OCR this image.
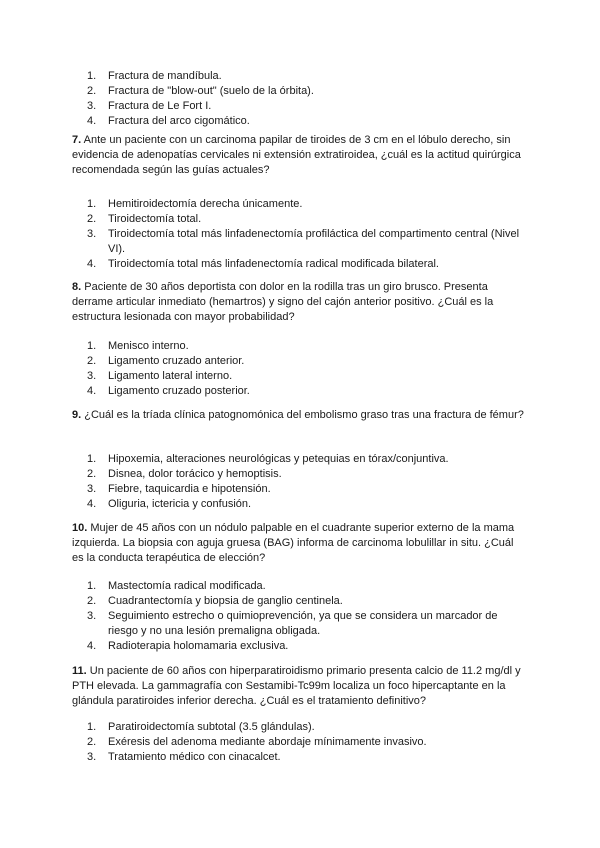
1. Fractura de mandíbula.
2. Fractura de "blow-out" (suelo de la órbita).
3. Fractura de Le Fort I.
4. Fractura del arco cigomático.

7. Ante un paciente con un carcinoma papilar de tiroides de 3 cm en el lóbulo derecho, sin evidencia de adenopatías cervicales ni extensión extratiroidea, ¿cuál es la actitud quirúrgica recomendada según las guías actuales?

1. Hemitiroidectomía derecha únicamente.
2. Tiroidectomía total.
3. Tiroidectomía total más linfadenectomía profiláctica del compartimento central (Nivel VI).
4. Tiroidectomía total más linfadenectomía radical modificada bilateral.

8. Paciente de 30 años deportista con dolor en la rodilla tras un giro brusco. Presenta derrame articular inmediato (hemartros) y signo del cajón anterior positivo. ¿Cuál es la estructura lesionada con mayor probabilidad?

1. Menisco interno.
2. Ligamento cruzado anterior.
3. Ligamento lateral interno.
4. Ligamento cruzado posterior.

9. ¿Cuál es la tríada clínica patognomónica del embolismo graso tras una fractura de fémur?

1. Hipoxemia, alteraciones neurológicas y petequias en tórax/conjuntiva.
2. Disnea, dolor torácico y hemoptisis.
3. Fiebre, taquicardia e hipotensión.
4. Oliguria, ictericia y confusión.

10. Mujer de 45 años con un nódulo palpable en el cuadrante superior externo de la mama izquierda. La biopsia con aguja gruesa (BAG) informa de carcinoma lobulillar in situ. ¿Cuál es la conducta terapéutica de elección?

1. Mastectomía radical modificada.
2. Cuadrantectomía y biopsia de ganglio centinela.
3. Seguimiento estrecho o quimioprevención, ya que se considera un marcador de riesgo y no una lesión premaligna obligada.
4. Radioterapia holomamaria exclusiva.

11. Un paciente de 60 años con hiperparatiroidismo primario presenta calcio de 11.2 mg/dl y PTH elevada. La gammagrafía con Sestamibi-Tc99m localiza un foco hipercaptante en la glándula paratiroides inferior derecha. ¿Cuál es el tratamiento definitivo?

1. Paratiroidectomía subtotal (3.5 glándulas).
2. Exéresis del adenoma mediante abordaje mínimamente invasivo.
3. Tratamiento médico con cinacalcet.
